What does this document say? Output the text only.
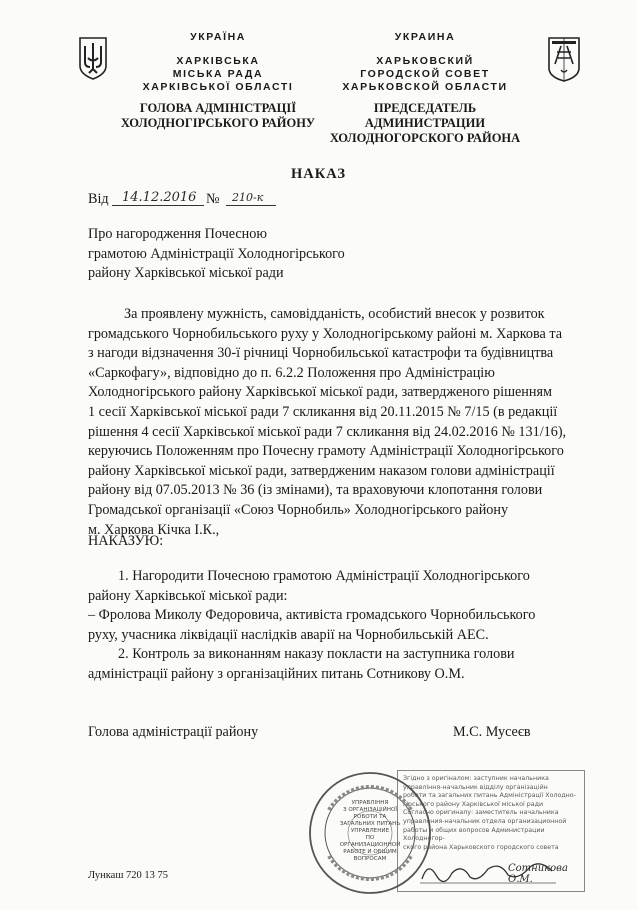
УКРАЇНА
ХАРКІВСЬКА
МІСЬКА РАДА
ХАРКІВСЬКОЇ ОБЛАСТІ
ГОЛОВА АДМІНІСТРАЦІЇ
ХОЛОДНОГІРСЬКОГО РАЙОНУ
УКРАИНА
ХАРЬКОВСКИЙ
ГОРОДСКОЙ СОВЕТ
ХАРЬКОВСКОЙ ОБЛАСТИ
ПРЕДСЕДАТЕЛЬ АДМИНИСТРАЦИИ
ХОЛОДНОГОРСКОГО РАЙОНА
НАКАЗ
Від 14.12.2016 № 210-к
Про нагородження Почесною
грамотою Адміністрації Холодногірського
району Харківської міської ради
За проявлену мужність, самовідданість, особистий внесок у розвиток
громадського Чорнобильського руху у Холодногірському районі м. Харкова та
з нагоди відзначення 30-ї річниці Чорнобильської катастрофи та будівництва
«Саркофагу», відповідно до п. 6.2.2 Положення про Адміністрацію
Холодногірського району Харківської міської ради, затвердженого рішенням
1 сесії Харківської міської ради 7 скликання від 20.11.2015 № 7/15 (в редакції
рішення 4 сесії Харківської міської ради 7 скликання від 24.02.2016 № 131/16),
керуючись Положенням про Почесну грамоту Адміністрації Холодногірського
району Харківської міської ради, затвердженим наказом голови адміністрації
району від 07.05.2013 № 36 (із змінами), та враховуючи клопотання голови
Громадської організації «Союз Чорнобиль» Холодногірського району
м. Харкова Кічка І.К.,
НАКАЗУЮ:
1. Нагородити Почесною грамотою Адміністрації Холодногірського
району Харківської міської ради:
– Фролова Миколу Федоровича, активіста громадського Чорнобильського
руху, учасника ліквідації наслідків аварії на Чорнобильській АЕС.
2. Контроль за виконанням наказу покласти на заступника голови
адміністрації району з організаційних питань Сотникову О.М.
Голова адміністрації району	М.С. Мусеєв
Згідно з оригіналом: заступник начальника
управління-начальник відділу організаційн
роботи та загальних питань Адміністрації Холодно-
гірського району Харківської міської ради
Согласно оригиналу: заместитель начальника
управления-начальник отдела организационной
работы и общих вопросов Администрации Холодногор-
ского района Харьковского городского совета
Сотникова О.М.
УПРАВЛІННЯ
З ОРГАНІЗАЦІЙНОЇ
РОБОТИ ТА
ЗАГАЛЬНИХ ПИТАНЬ
УПРАВЛЕНИЕ
ПО ОРГАНИЗАЦИОННОЙ
РАБОТЕ И ОБЩИМ
ВОПРОСАМ
Лункаш 720 13 75
